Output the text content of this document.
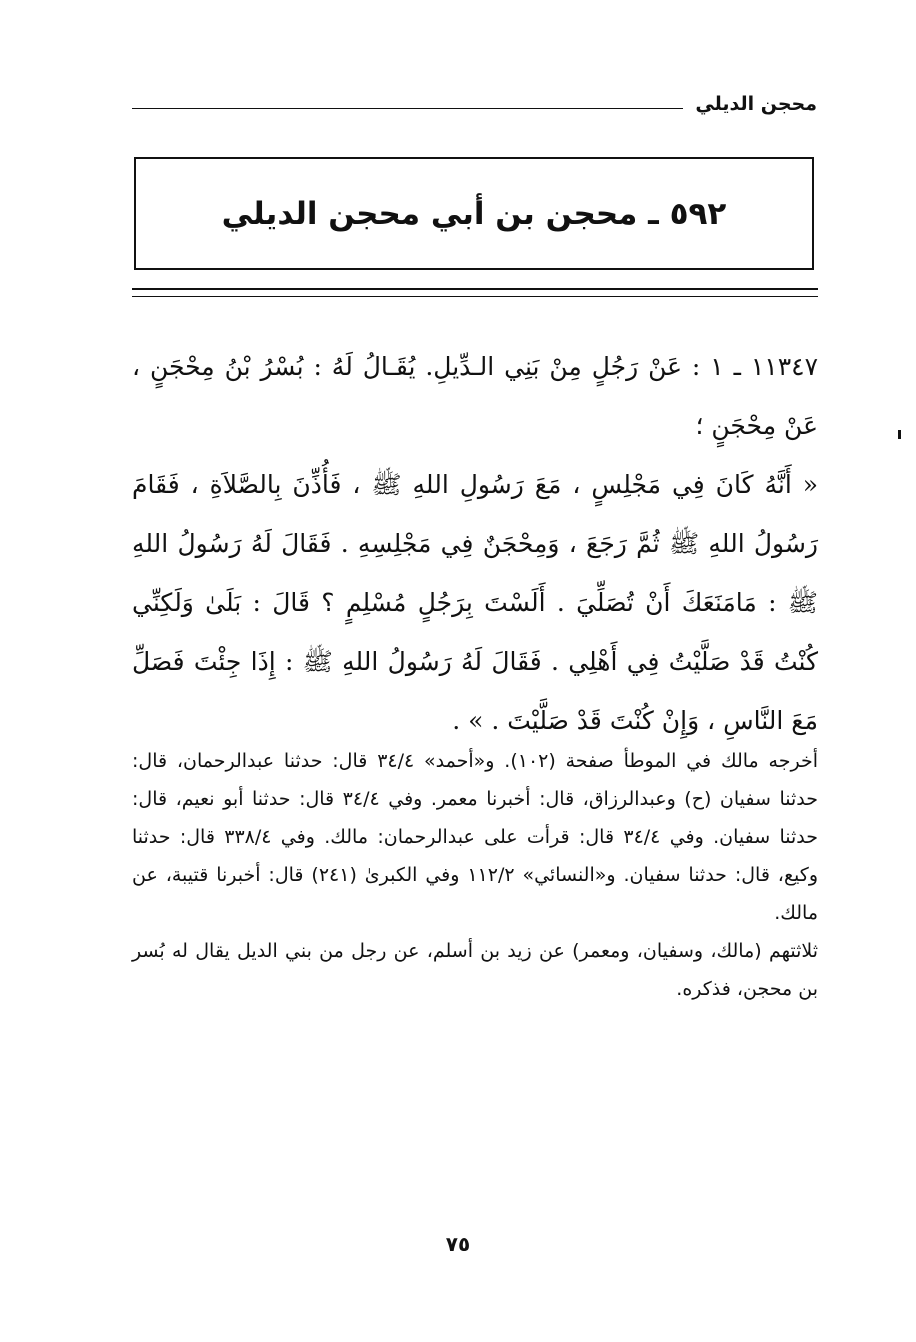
محجن الديلي
٥٩٢ ـ محجن بن أبي محجن الديلي

١١٣٤٧ ـ ١ : عَنْ رَجُلٍ مِنْ بَنِي الـدِّيلِ. يُقَـالُ لَهُ : بُسْرُ بْنُ مِحْجَنٍ ، عَنْ مِحْجَنٍ ؛

« أَنَّهُ كَانَ فِي مَجْلِسٍ ، مَعَ رَسُولِ اللهِ ﷺ ، فَأُذِّنَ بِالصَّلاَةِ ، فَقَامَ رَسُولُ اللهِ ﷺ ثُمَّ رَجَعَ ، وَمِحْجَنٌ فِي مَجْلِسِهِ . فَقَالَ لَهُ رَسُولُ اللهِ ﷺ : مَامَنَعَكَ أَنْ تُصَلِّيَ . أَلَسْتَ بِرَجُلٍ مُسْلِمٍ ؟ قَالَ : بَلَىٰ وَلَكِنِّي كُنْتُ قَدْ صَلَّيْتُ فِي أَهْلِي . فَقَالَ لَهُ رَسُولُ اللهِ ﷺ : إِذَا جِئْتَ فَصَلِّ مَعَ النَّاسِ ، وَإِنْ كُنْتَ قَدْ صَلَّيْتَ . » .

أخرجه مالك في الموطأ صفحة (١٠٢). و«أحمد» ٣٤/٤ قال: حدثنا عبدالرحمان، قال: حدثنا سفيان (ح) وعبدالرزاق، قال: أخبرنا معمر. وفي ٣٤/٤ قال: حدثنا أبو نعيم، قال: حدثنا سفيان. وفي ٣٤/٤ قال: قرأت على عبدالرحمان: مالك. وفي ٣٣٨/٤ قال: حدثنا وكيع، قال: حدثنا سفيان. و«النسائي» ١١٢/٢ وفي الكبرىٰ (٢٤١) قال: أخبرنا قتيبة، عن مالك.

ثلاثتهم (مالك، وسفيان، ومعمر) عن زيد بن أسلم، عن رجل من بني الديل يقال له بُسر بن محجن، فذكره.

٧٥
